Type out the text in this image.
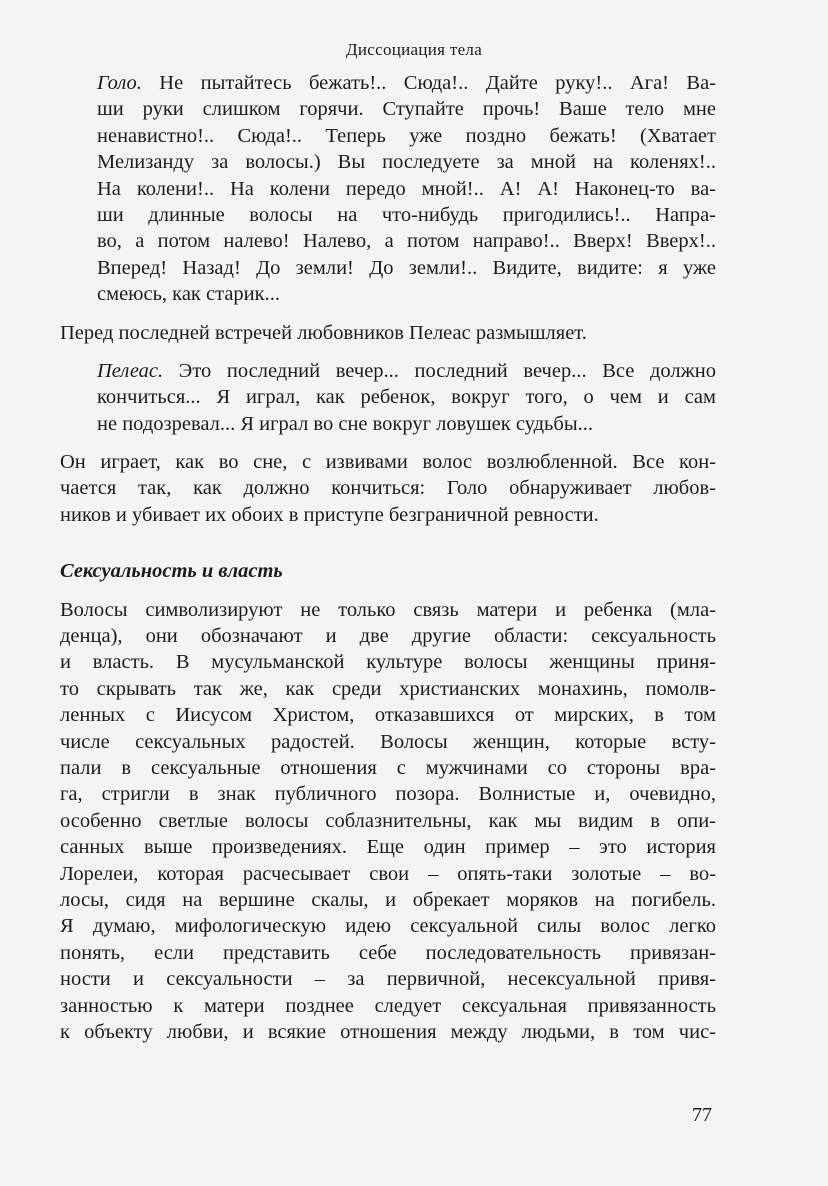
Диссоциация тела
Голо. Не пытайтесь бежать!.. Сюда!.. Дайте руку!.. Ага! Ва-
ши руки слишком горячи. Ступайте прочь! Ваше тело мне
ненавистно!.. Сюда!.. Теперь уже поздно бежать! (Хватает
Мелизанду за волосы.) Вы последуете за мной на коленях!..
На колени!.. На колени передо мной!.. А! А! Наконец-то ва-
ши длинные волосы на что-нибудь пригодились!.. Напра-
во, а потом налево! Налево, а потом направо!.. Вверх! Вверх!..
Вперед! Назад! До земли! До земли!.. Видите, видите: я уже
смеюсь, как старик...
Перед последней встречей любовников Пелеас размышляет.
Пелеас. Это последний вечер... последний вечер... Все должно
кончиться... Я играл, как ребенок, вокруг того, о чем и сам
не подозревал... Я играл во сне вокруг ловушек судьбы...
Он играет, как во сне, с извивами волос возлюбленной. Все кон-
чается так, как должно кончиться: Голо обнаруживает любов-
ников и убивает их обоих в приступе безграничной ревности.
Сексуальность и власть
Волосы символизируют не только связь матери и ребенка (мла-
денца), они обозначают и две другие области: сексуальность
и власть. В мусульманской культуре волосы женщины приня-
то скрывать так же, как среди христианских монахинь, помолв-
ленных с Иисусом Христом, отказавшихся от мирских, в том
числе сексуальных радостей. Волосы женщин, которые всту-
пали в сексуальные отношения с мужчинами со стороны вра-
га, стригли в знак публичного позора. Волнистые и, очевидно,
особенно светлые волосы соблазнительны, как мы видим в опи-
санных выше произведениях. Еще один пример – это история
Лорелеи, которая расчесывает свои – опять-таки золотые – во-
лосы, сидя на вершине скалы, и обрекает моряков на погибель.
Я думаю, мифологическую идею сексуальной силы волос легко
понять, если представить себе последовательность привязан-
ности и сексуальности – за первичной, несексуальной привя-
занностью к матери позднее следует сексуальная привязанность
к объекту любви, и всякие отношения между людьми, в том чис-
77
